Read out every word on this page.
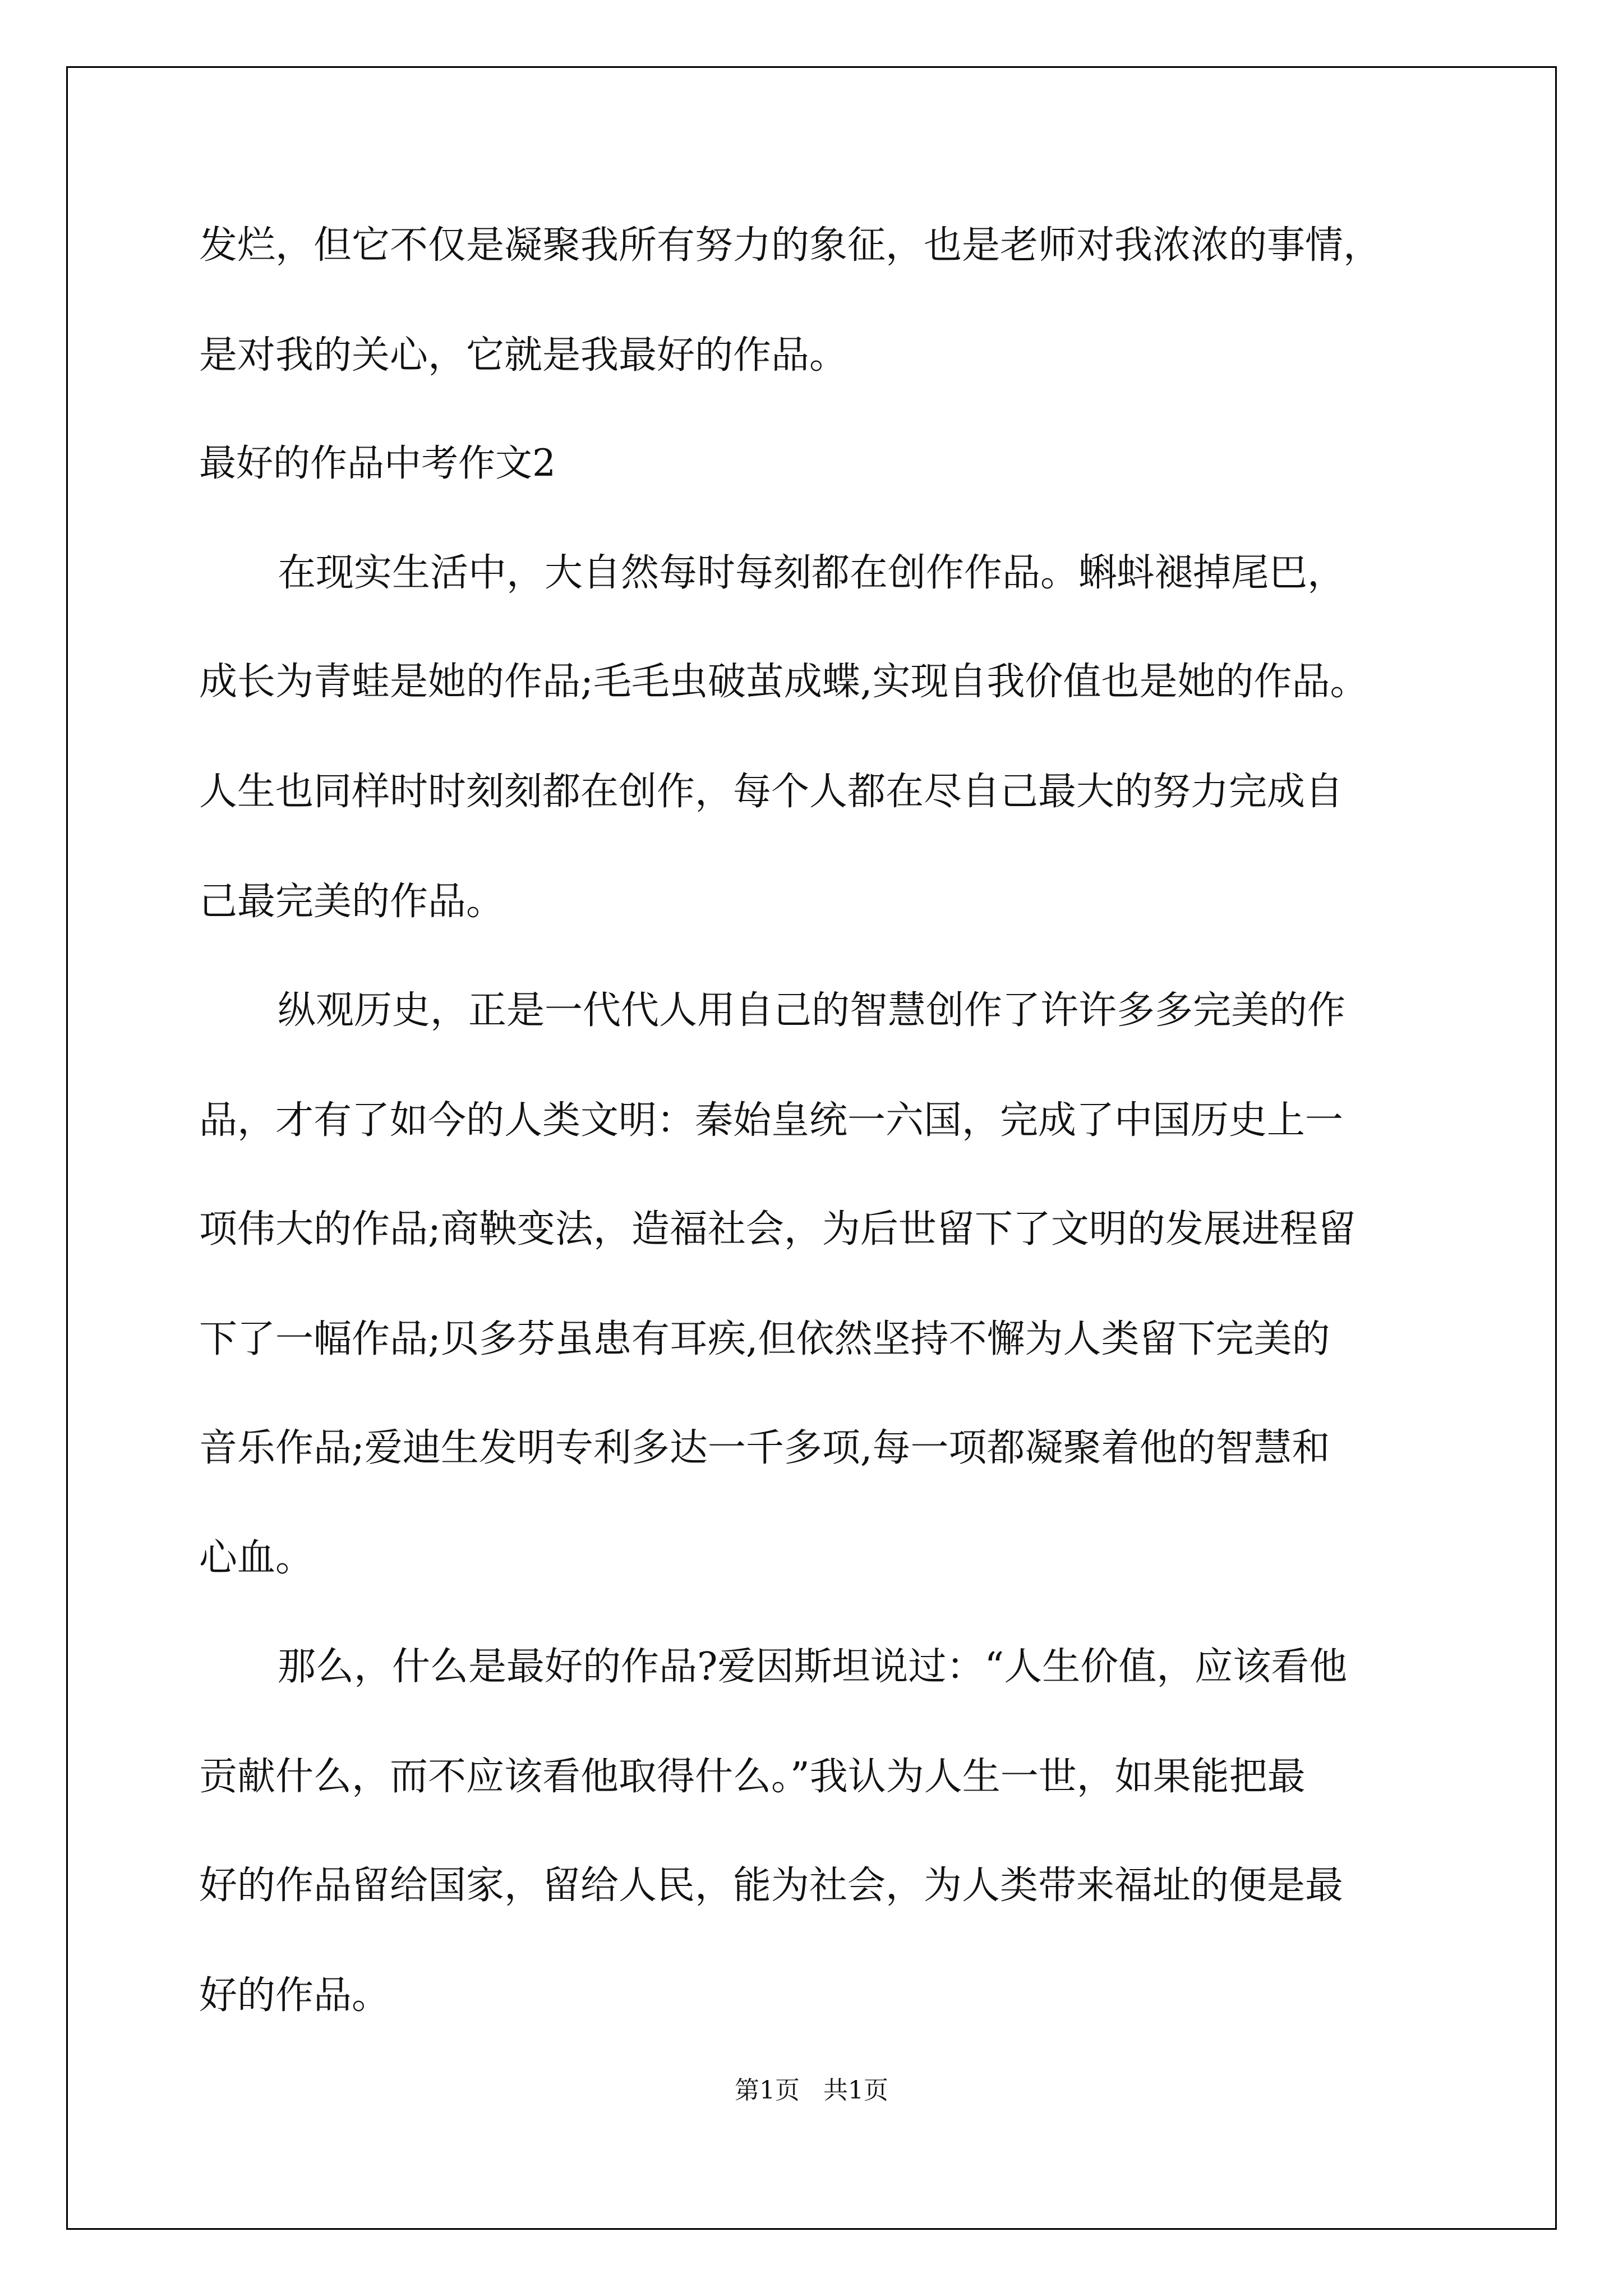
发烂，但它不仅是凝聚我所有努力的象征，也是老师对我浓浓的事情，
是对我的关心，它就是我最好的作品。
最好的作品中考作文2
在现实生活中，大自然每时每刻都在创作作品。蝌蚪褪掉尾巴，
成长为青蛙是她的作品;毛毛虫破茧成蝶,实现自我价值也是她的作品。
人生也同样时时刻刻都在创作，每个人都在尽自己最大的努力完成自
己最完美的作品。
纵观历史，正是一代代人用自己的智慧创作了许许多多完美的作
品，才有了如今的人类文明：秦始皇统一六国，完成了中国历史上一
项伟大的作品;商鞅变法，造福社会，为后世留下了文明的发展进程留
下了一幅作品;贝多芬虽患有耳疾,但依然坚持不懈为人类留下完美的
音乐作品;爱迪生发明专利多达一千多项,每一项都凝聚着他的智慧和
心血。
那么，什么是最好的作品?爱因斯坦说过：“人生价值，应该看他
贡献什么，而不应该看他取得什么。”我认为人生一世，如果能把最
好的作品留给国家，留给人民，能为社会，为人类带来福址的便是最
好的作品。
第1页 共1页
